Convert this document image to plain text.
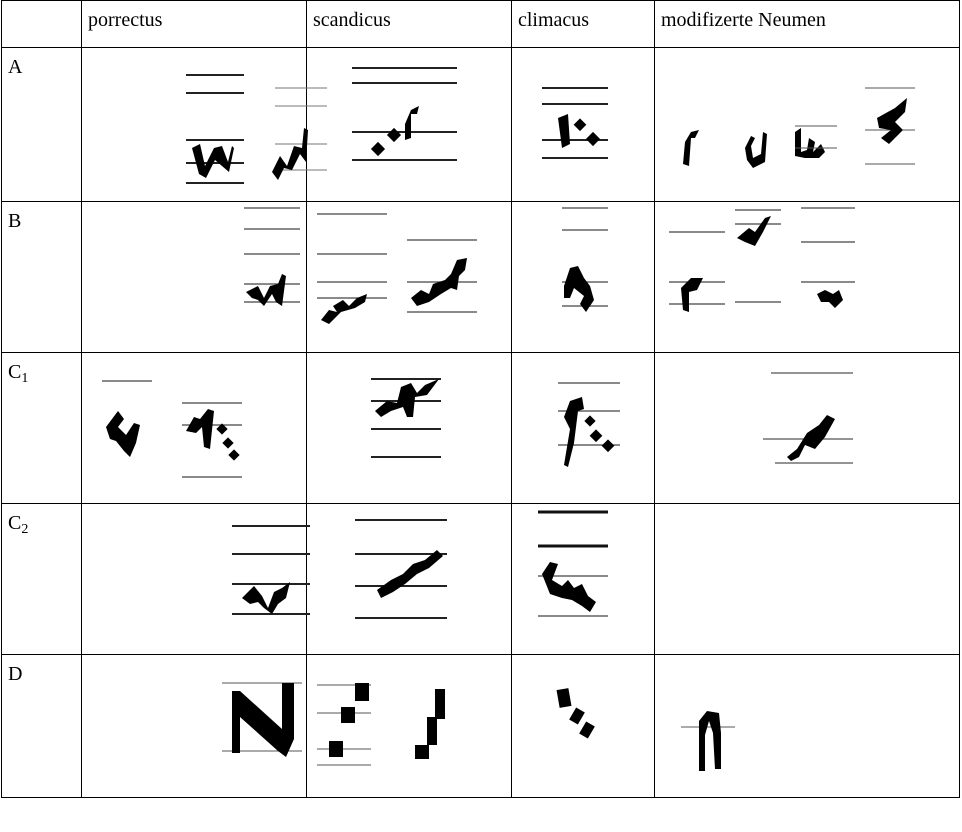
	porrectus	scandicus	climacus	modifizerte Neumen

A

B

$C_1$

$C_2$

D
